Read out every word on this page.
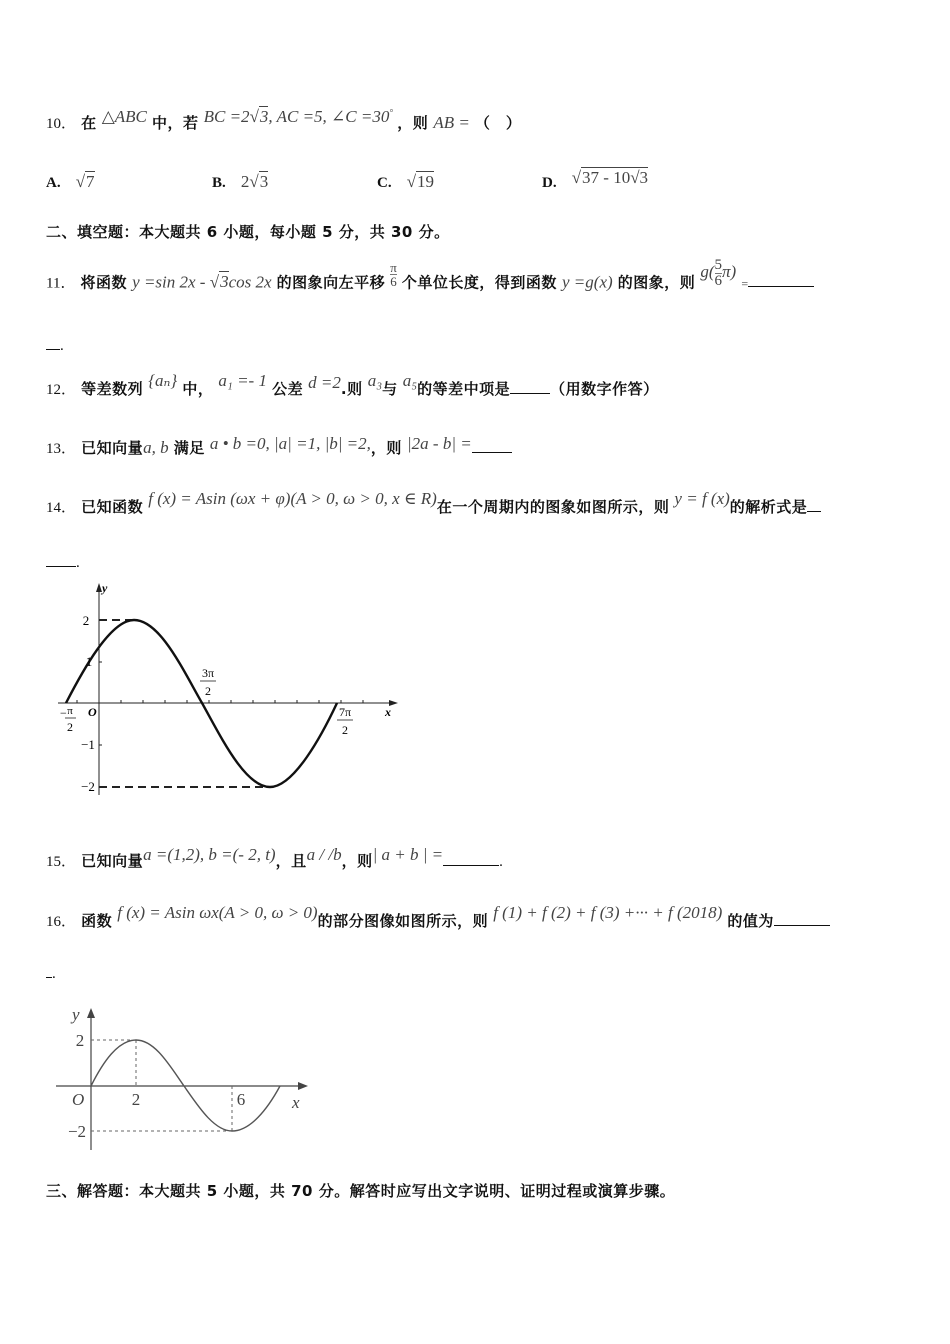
10． 在 △ABC 中，若 BC =2√3, AC =5, ∠C =30° ，则 AB = （　）
A. √7	B. 2√3	C. √19	D. √37 - 10√3
二、填空题：本大题共 6 小题，每小题 5 分，共 30 分。
11． 将函数 y =sin 2x - √3cos 2x 的图象向左平移 $\frac{\pi}{6}$ 个单位长度，得到函数 y =g(x) 的图象，则 $g( \frac{5}{6} \pi)$ =
.
12． 等差数列 {aₙ} 中， a₁ =- 1 公差 d =2.则 a₃与 a₅的等差中项是	（用数字作答）
13． 已知向量a, b 满足 a • b =0, |a| =1, |b| =2,，则 |2a - b| =
14． 已知函数 f (x) = Asin (ωx + φ)(A > 0, ω > 0, x ∈ R)在一个周期内的图象如图所示，则 y = f (x)的解析式是
.
y
x
O
2
1
−1
−2
− π
2
3π
2
7π
2
y
x
O
2
−2
2	6
15． 已知向量a =(1,2), b =(- 2, t)，且a / /b，则| a + b | =	.
16． 函数 f (x) = Asin ωx(A > 0, ω > 0)的部分图像如图所示，则 f (1) + f (2) + f (3) +··· + f (2018) 的值为
.
三、解答题：本大题共 5 小题，共 70 分。解答时应写出文字说明、证明过程或演算步骤。
